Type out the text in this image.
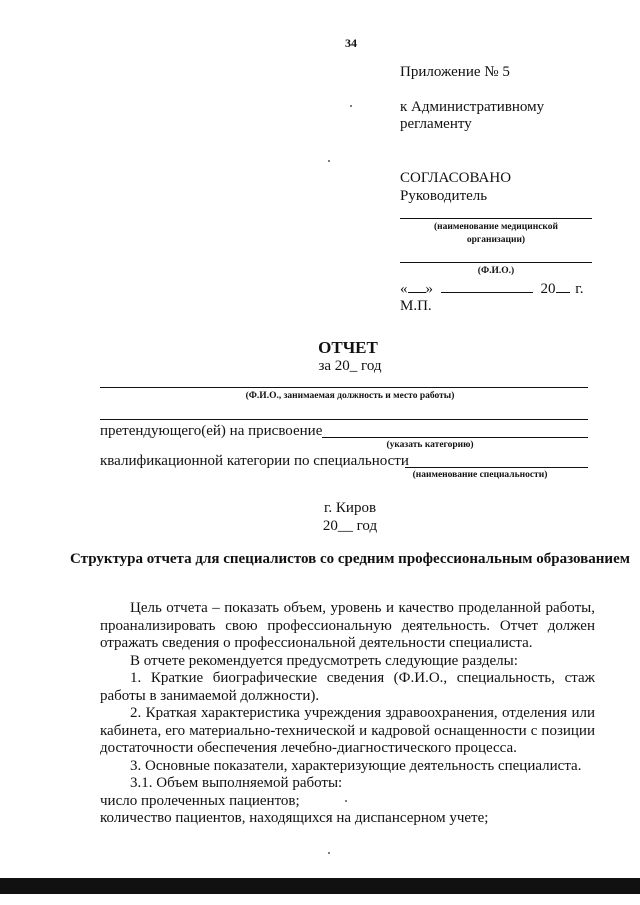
34
Приложение № 5
к Административному
регламенту
СОГЛАСОВАНО
Руководитель
(наименование медицинской
организации)
(Ф.И.О.)
« »	20 г.
М.П.
ОТЧЕТ
за 20_ год
(Ф.И.О., занимаемая должность и место работы)
претендующего(ей) на присвоение
(указать категорию)
квалификационной категории по специальности
(наименование специальности)
г. Киров
20__ год
Структура отчета для специалистов со средним профессиональным образованием

Цель отчета – показать объем, уровень и качество проделанной работы, проанализировать свою профессиональную деятельность. Отчет должен отражать сведения о профессиональной деятельности специалиста.

В отчете рекомендуется предусмотреть следующие разделы:

1. Краткие биографические сведения (Ф.И.О., специальность, стаж работы в занимаемой должности).

2. Краткая характеристика учреждения здравоохранения, отделения или кабинета, его материально-технической и кадровой оснащенности с позиции достаточности обеспечения лечебно-диагностического процесса.

3. Основные показатели, характеризующие деятельность специалиста.

3.1. Объем выполняемой работы:

число пролеченных пациентов;

количество пациентов, находящихся на диспансерном учете;
